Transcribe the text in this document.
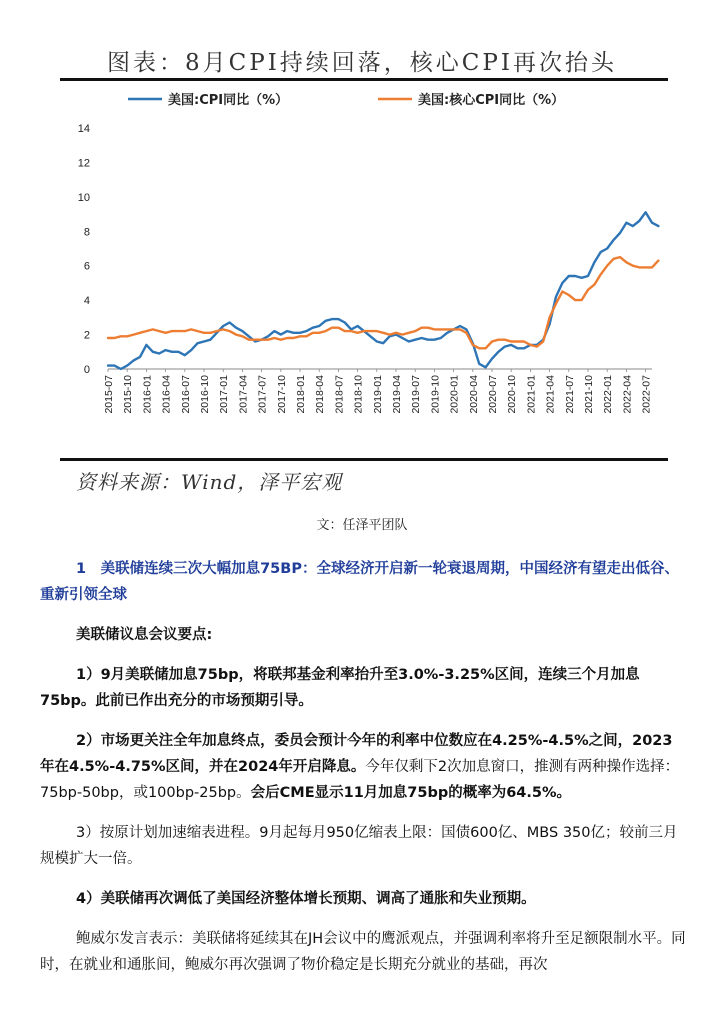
图表：8月CPI持续回落，核心CPI再次抬头
美国:CPI同比（%）	美国:核心CPI同比（%）
0
2
4
6
8
10
12
14
2015-07 2015-10 2016-01 2016-04 2016-07 2016-10 2017-01 2017-04 2017-07 2017-10 2018-01 2018-04 2018-07 2018-10 2019-01 2019-04 2019-07 2019-10 2020-01 2020-04 2020-07 2020-10 2021-01 2021-04 2021-07 2021-10 2022-01 2022-04 2022-07

资料来源：Wind，泽平宏观

文：任泽平团队

1　美联储连续三次大幅加息75BP：全球经济开启新一轮衰退周期，中国经济有望走出低谷、重新引领全球

美联储议息会议要点:

1）9月美联储加息75bp，将联邦基金利率抬升至3.0%-3.25%区间，连续三个月加息75bp。此前已作出充分的市场预期引导。

2）市场更关注全年加息终点，委员会预计今年的利率中位数应在4.25%-4.5%之间，2023年在4.5%-4.75%区间，并在2024年开启降息。今年仅剩下2次加息窗口，推测有两种操作选择：75bp-50bp，或100bp-25bp。会后CME显示11月加息75bp的概率为64.5%。

3）按原计划加速缩表进程。9月起每月950亿缩表上限：国债600亿、MBS 350亿；较前三月规模扩大一倍。

4）美联储再次调低了美国经济整体增长预期、调高了通胀和失业预期。

鲍威尔发言表示：美联储将延续其在JH会议中的鹰派观点，并强调利率将升至足额限制水平。同时，在就业和通胀间，鲍威尔再次强调了物价稳定是长期充分就业的基础，再次
